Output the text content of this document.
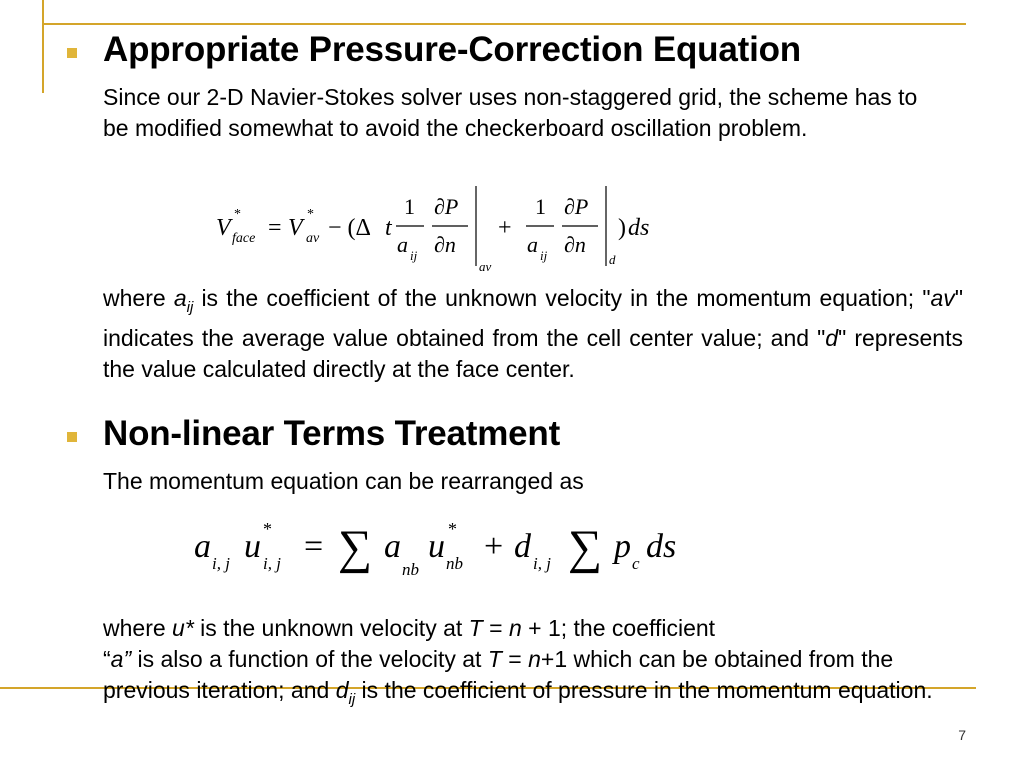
Appropriate Pressure-Correction Equation
Since our 2-D Navier-Stokes solver uses non-staggered grid, the scheme has to be modified somewhat to avoid the checkerboard oscillation problem.
V
*
face = V
*
av − (Δ t
1
a ij
∂P
∂n
av
+
1
a ij
∂P
∂n
d
) ds
where $a_{ij}$ is the coefficient of the unknown velocity in the momentum equation; "av" indicates the average value obtained from the cell center value; and "d" represents the value calculated directly at the face center.
Non-linear Terms Treatment
The momentum equation can be rearranged as
a i, j u *
i, j = ∑ a
nb
u *
nb + d i, j ∑ p c ds
where u* is the unknown velocity at T = n + 1; the coefficient
“a” is also a function of the velocity at T = n+1 which can be obtained from the previous iteration; and $d_{ij}$ is the coefficient of pressure in the momentum equation.
7
